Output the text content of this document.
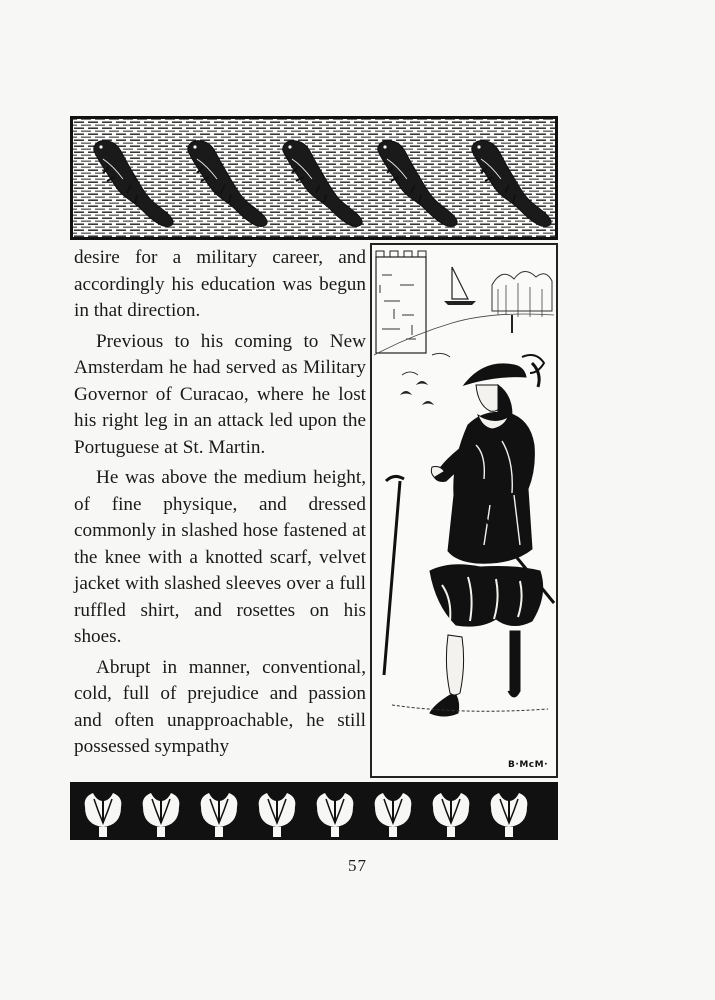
desire for a military career, and accordingly his education was begun in that direction.

Previous to his coming to New Amsterdam he had served as Military Governor of Curacao, where he lost his right leg in an attack led upon the Portuguese at St. Martin.

He was above the medium height, of fine physique, and dressed commonly in slashed hose fastened at the knee with a knotted scarf, velvet jacket with slashed sleeves over a full ruffled shirt, and rosettes on his shoes.

Abrupt in manner, conventional, cold, full of prejudice and passion and often unapproachable, he still possessed sympathy

B·McM·
57
